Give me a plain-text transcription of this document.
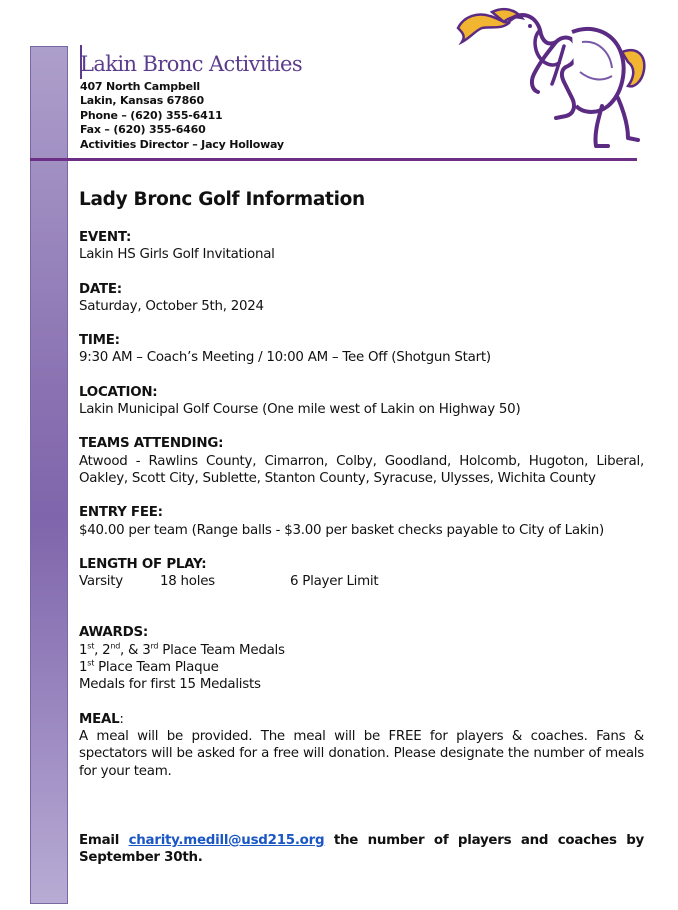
Lakin Bronc Activities
407 North Campbell
Lakin, Kansas 67860
Phone – (620) 355-6411
Fax – (620) 355-6460
Activities Director – Jacy Holloway
Lady Bronc Golf Information
EVENT:
Lakin HS Girls Golf Invitational
DATE:
Saturday, October 5th, 2024
TIME:
9:30 AM – Coach’s Meeting / 10:00 AM – Tee Off (Shotgun Start)
LOCATION:
Lakin Municipal Golf Course (One mile west of Lakin on Highway 50)
TEAMS ATTENDING:
Atwood - Rawlins County, Cimarron, Colby, Goodland, Holcomb, Hugoton, Liberal, Oakley, Scott City, Sublette, Stanton County, Syracuse, Ulysses, Wichita County
ENTRY FEE:
$40.00 per team (Range balls - $3.00 per basket checks payable to City of Lakin)
LENGTH OF PLAY:
Varsity	18 holes	6 Player Limit
AWARDS:
1st, 2nd, & 3rd Place Team Medals
1st Place Team Plaque
Medals for first 15 Medalists
MEAL:
A meal will be provided. The meal will be FREE for players & coaches. Fans & spectators will be asked for a free will donation. Please designate the number of meals for your team.
Email charity.medill@usd215.org the number of players and coaches by September 30th.
